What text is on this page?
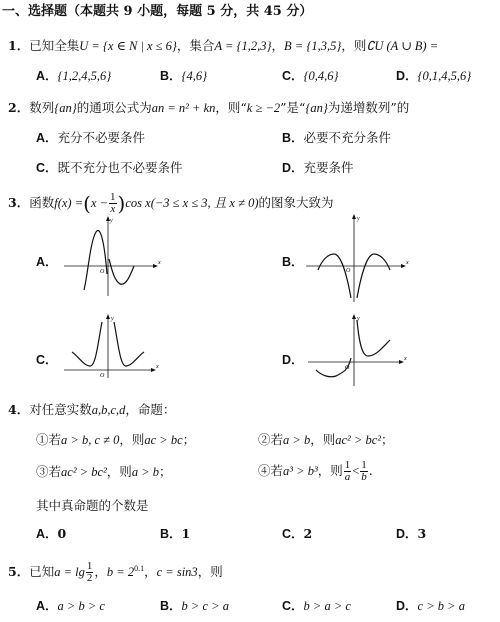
一、选择题（本题共 9 小题，每题 5 分，共 45 分）
1．已知全集U = {x ∈ N | x ≤ 6}，集合A = {1,2,3}，B = {1,3,5}，则∁U (A ∪ B) =
A．{1,2,4,5,6}	B．{4,6}	C．{0,4,6}	D．{0,1,4,5,6}
2．数列{an}的通项公式为an = n² + kn，则“k ≥ −2”是“{an}为递增数列”的
A．充分不必要条件	B．必要不充分条件
C．既不充分也不必要条件	D．充要条件
3．函数$f(x) =(x - \frac{1}{x} )\cos$ x(−3 ≤ x ≤ 3, 且 x ≠ 0)的图象大致为
A．	B．
C．	D．
x
y
O
x
y
O
x
y
O
x
y
O
4．对任意实数a,b,c,d，命题：
①若a > b, c ≠ 0，则ac > bc；	②若a > b，则ac² > bc²；
③若ac² > bc²，则a > b；	④若a³ > b³，则 $\frac{1}{a} < \frac{1}{b}$ .
其中真命题的个数是
A．0	B．1	C．2	D．3
5．已知$a = \lg \frac{1}{2}$ ，$b = 2^{0.1}$，c = sin3，则
A．a > b > c	B．b > c > a	C．b > a > c	D．c > b > a
